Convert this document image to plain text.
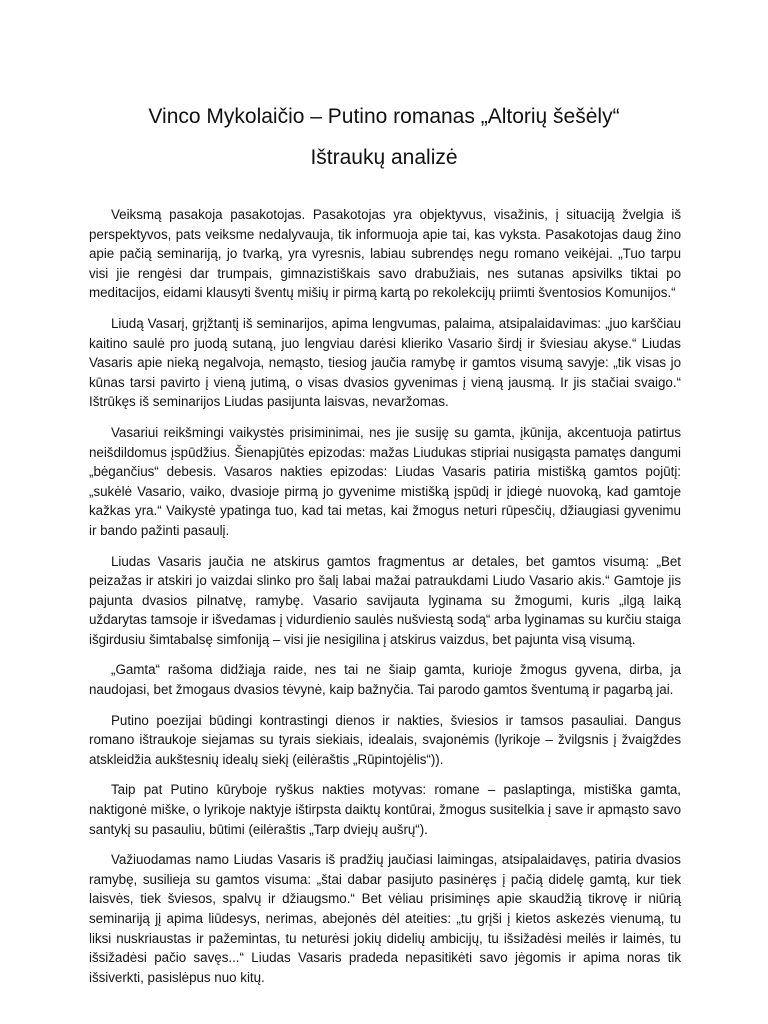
Vinco Mykolaičio – Putino romanas „Altorių šešėly“
Ištraukų analizė

Veiksmą pasakoja pasakotojas. Pasakotojas yra objektyvus, visažinis, į situaciją žvelgia iš perspektyvos, pats veiksme nedalyvauja, tik informuoja apie tai, kas vyksta. Pasakotojas daug žino apie pačią seminariją, jo tvarką, yra vyresnis, labiau subrendęs negu romano veikėjai. „Tuo tarpu visi jie rengėsi dar trumpais, gimnazistiškais savo drabužiais, nes sutanas apsivilks tiktai po meditacijos, eidami klausyti šventų mišių ir pirmą kartą po rekolekcijų priimti šventosios Komunijos.“

Liudą Vasarį, grįžtantį iš seminarijos, apima lengvumas, palaima, atsipalaidavimas: „juo karščiau kaitino saulė pro juodą sutaną, juo lengviau darėsi klieriko Vasario širdį ir šviesiau akyse.“ Liudas Vasaris apie nieką negalvoja, nemąsto, tiesiog jaučia ramybę ir gamtos visumą savyje: „tik visas jo kūnas tarsi pavirto į vieną jutimą, o visas dvasios gyvenimas į vieną jausmą. Ir jis stačiai svaigo.“ Ištrūkęs iš seminarijos Liudas pasijunta laisvas, nevaržomas.

Vasariui reikšmingi vaikystės prisiminimai, nes jie susiję su gamta, įkūnija, akcentuoja patirtus neišdildomus įspūdžius. Šienapjūtės epizodas: mažas Liudukas stipriai nusigąsta pamatęs dangumi „bėgančius“ debesis. Vasaros nakties epizodas: Liudas Vasaris patiria mistišką gamtos pojūtį: „sukėlė Vasario, vaiko, dvasioje pirmą jo gyvenime mistišką įspūdį ir įdiegė nuovoką, kad gamtoje kažkas yra.“ Vaikystė ypatinga tuo, kad tai metas, kai žmogus neturi rūpesčių, džiaugiasi gyvenimu ir bando pažinti pasaulį.

Liudas Vasaris jaučia ne atskirus gamtos fragmentus ar detales, bet gamtos visumą: „Bet peizažas ir atskiri jo vaizdai slinko pro šalį labai mažai patraukdami Liudo Vasario akis.“ Gamtoje jis pajunta dvasios pilnatvę, ramybę. Vasario savijauta lyginama su žmogumi, kuris „ilgą laiką uždarytas tamsoje ir išvedamas į vidurdienio saulės nušviestą sodą“ arba lyginamas su kurčiu staiga išgirdusiu šimtabalsę simfoniją – visi jie nesigilina į atskirus vaizdus, bet pajunta visą visumą.

„Gamta“ rašoma didžiąja raide, nes tai ne šiaip gamta, kurioje žmogus gyvena, dirba, ja naudojasi, bet žmogaus dvasios tėvynė, kaip bažnyčia. Tai parodo gamtos šventumą ir pagarbą jai.

Putino poezijai būdingi kontrastingi dienos ir nakties, šviesios ir tamsos pasauliai. Dangus romano ištraukoje siejamas su tyrais siekiais, idealais, svajonėmis (lyrikoje – žvilgsnis į žvaigždes atskleidžia aukštesnių idealų siekį (eilėraštis „Rūpintojėlis“)).

Taip pat Putino kūryboje ryškus nakties motyvas: romane – paslaptinga, mistiška gamta, naktigonė miške, o lyrikoje naktyje ištirpsta daiktų kontūrai, žmogus susitelkia į save ir apmąsto savo santykį su pasauliu, būtimi (eilėraštis „Tarp dviejų aušrų“).

Važiuodamas namo Liudas Vasaris iš pradžių jaučiasi laimingas, atsipalaidavęs, patiria dvasios ramybę, susilieja su gamtos visuma: „štai dabar pasijuto pasinėręs į pačią didelę gamtą, kur tiek laisvės, tiek šviesos, spalvų ir džiaugsmo.“ Bet vėliau prisiminęs apie skaudžią tikrovę ir niūrią seminariją jį apima liūdesys, nerimas, abejonės dėl ateities: „tu grįši į kietos askezės vienumą, tu liksi nuskriaustas ir pažemintas, tu neturėsi jokių didelių ambicijų, tu išsižadėsi meilės ir laimės, tu išsižadėsi pačio savęs...“ Liudas Vasaris pradeda nepasitikėti savo jėgomis ir apima noras tik išsiverkti, pasislėpus nuo kitų.
